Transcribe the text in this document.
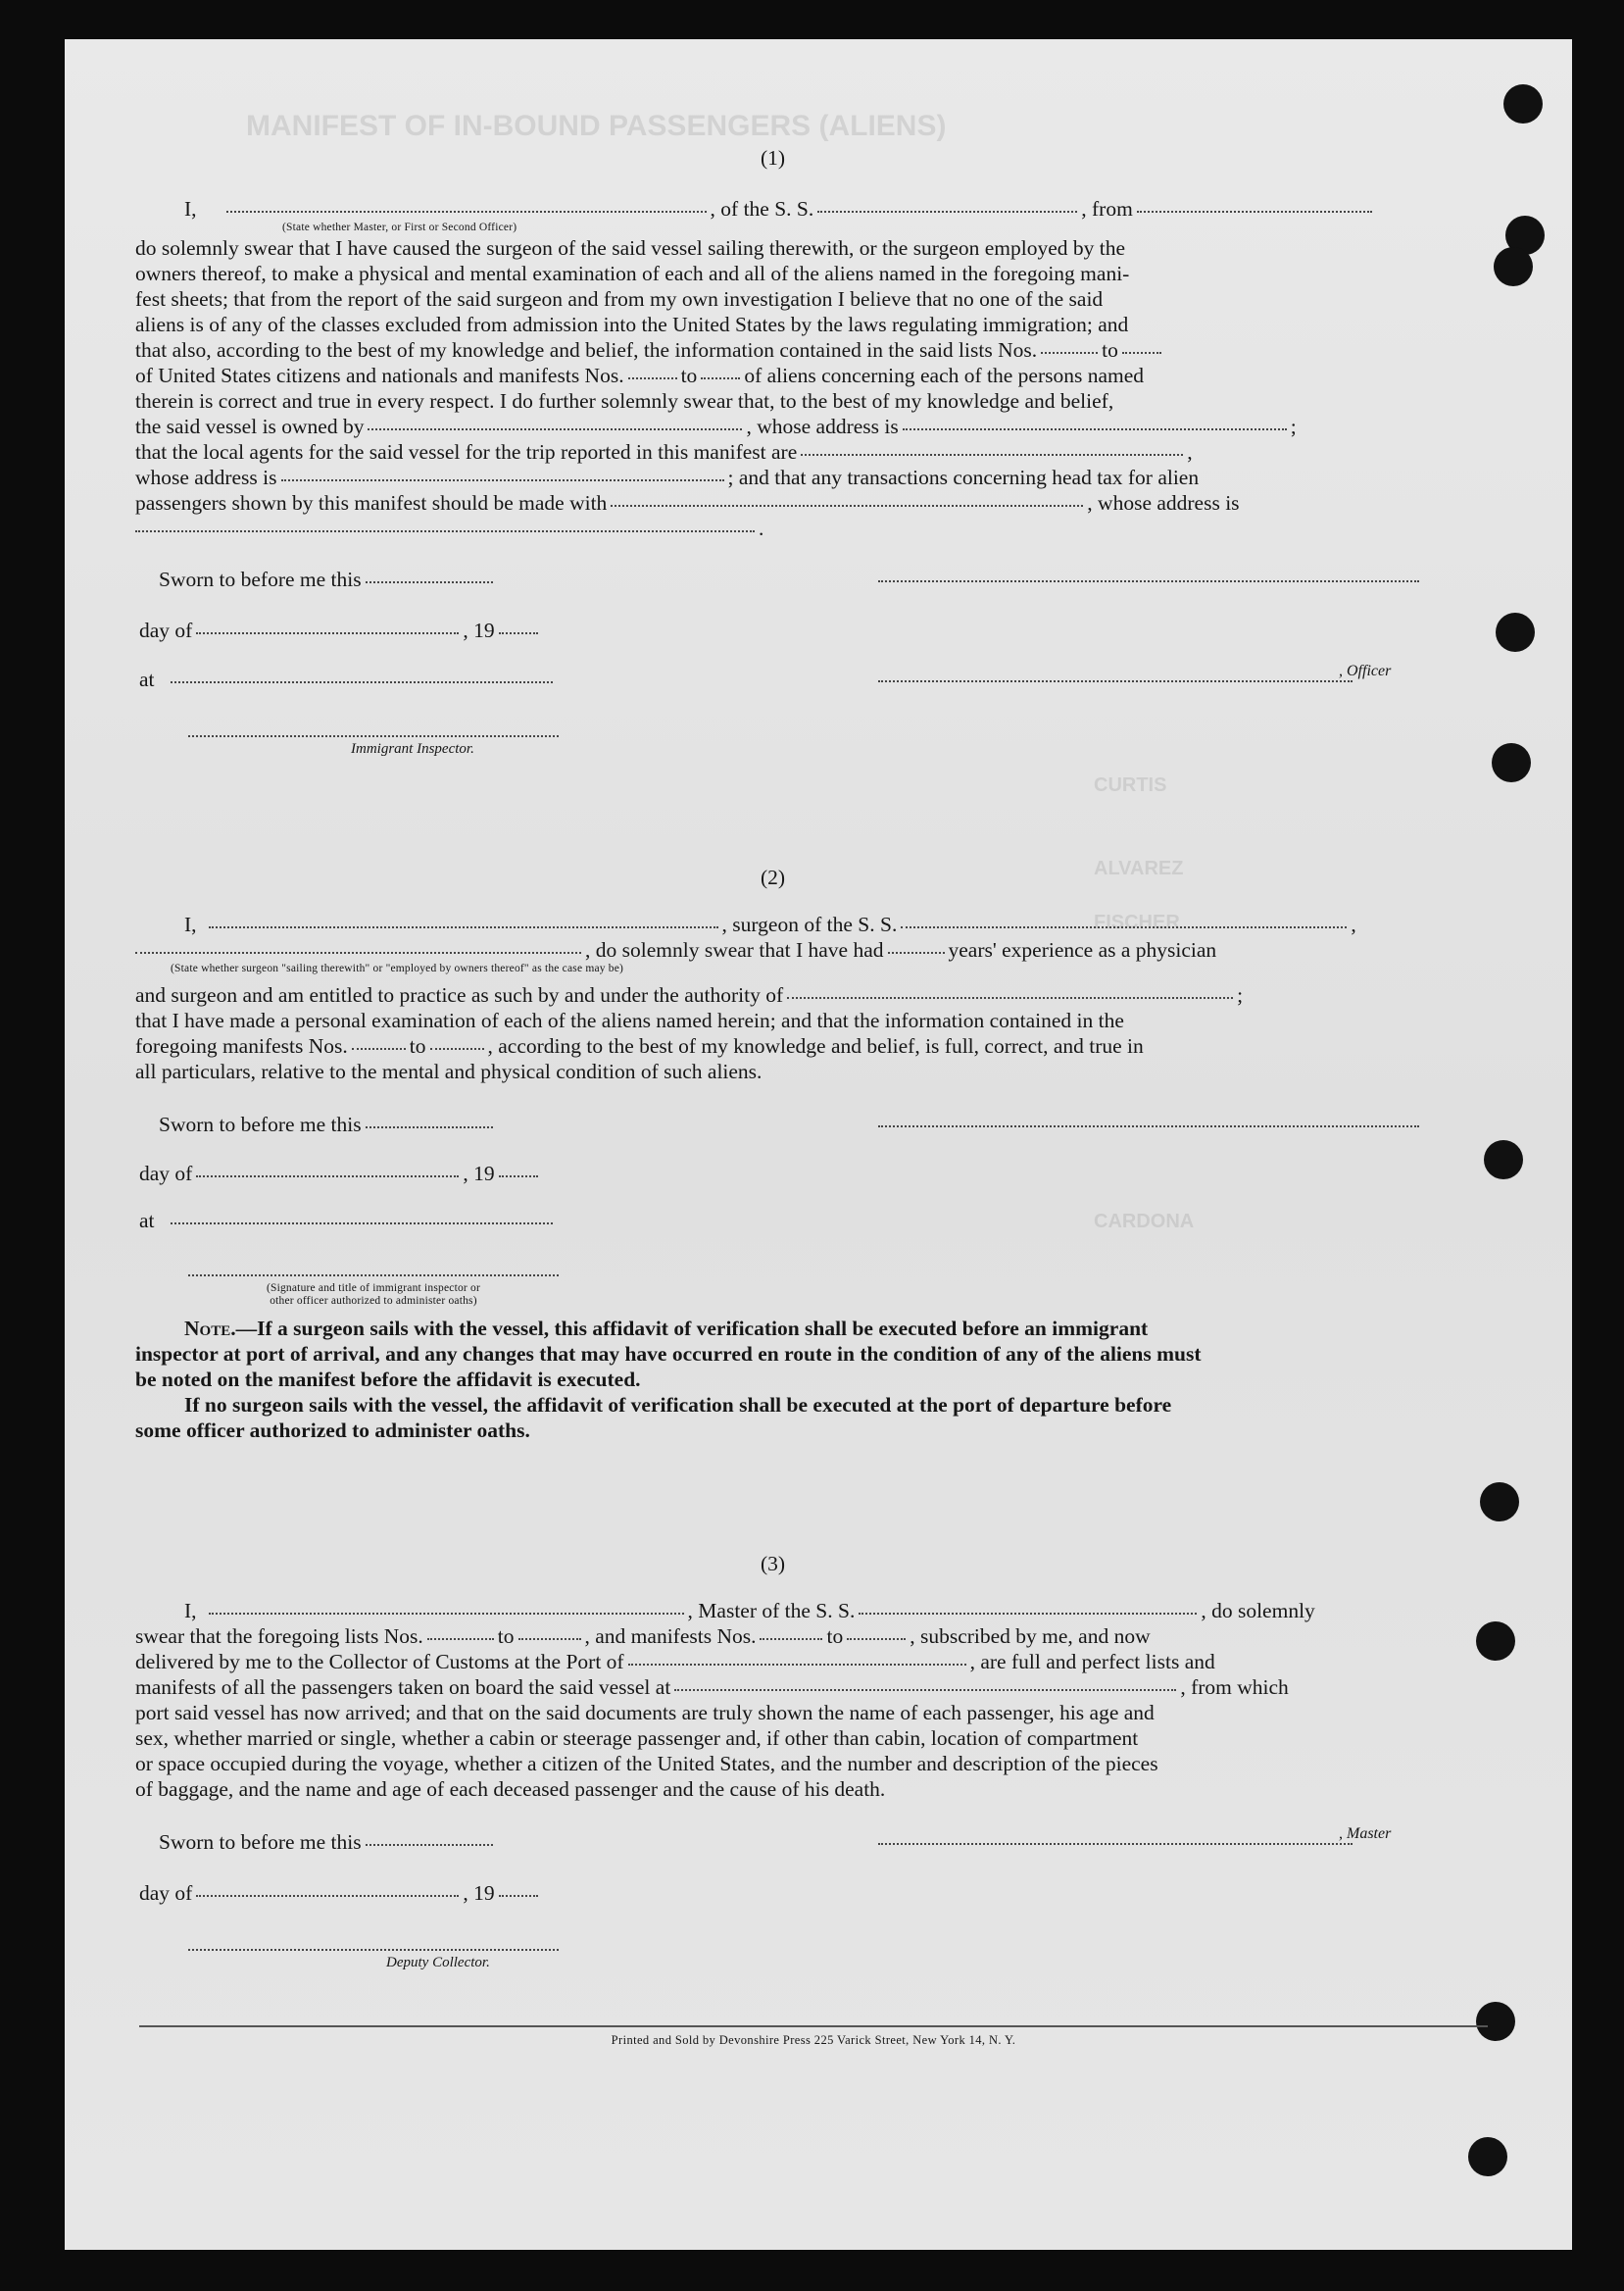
MANIFEST OF IN-BOUND PASSENGERS (ALIENS)
CURTIS
ALVAREZ
FISCHER
CARDONA
(1)
I,	, of the S. S.	, from
(State whether Master, or First or Second Officer)
do solemnly swear that I have caused the surgeon of the said vessel sailing therewith, or the surgeon employed by the
owners thereof, to make a physical and mental examination of each and all of the aliens named in the foregoing mani-
fest sheets; that from the report of the said surgeon and from my own investigation I believe that no one of the said
aliens is of any of the classes excluded from admission into the United States by the laws regulating immigration; and
that also, according to the best of my knowledge and belief, the information contained in the said lists Nos.	to
of United States citizens and nationals and manifests Nos.	to of aliens concerning each of the persons named
therein is correct and true in every respect. I do further solemnly swear that, to the best of my knowledge and belief,
the said vessel is owned by	, whose address is	;
that the local agents for the said vessel for the trip reported in this manifest are	,
whose address is	; and that any transactions concerning head tax for alien
passengers shown by this manifest should be made with	, whose address is
.
Sworn to before me this
day of	, 19
at	, Officer
Immigrant Inspector.
(2)
I,	, surgeon of the S. S.	,
, do solemnly swear that I have had	years' experience as a physician
(State whether surgeon "sailing therewith" or "employed by owners thereof" as the case may be)
and surgeon and am entitled to practice as such by and under the authority of	;
that I have made a personal examination of each of the aliens named herein; and that the information contained in the
foregoing manifests Nos.	to	, according to the best of my knowledge and belief, is full, correct, and true in
all particulars, relative to the mental and physical condition of such aliens.
Sworn to before me this
day of	, 19
at
(Signature and title of immigrant inspector or
other officer authorized to administer oaths)
Note.—If a surgeon sails with the vessel, this affidavit of verification shall be executed before an immigrant
inspector at port of arrival, and any changes that may have occurred en route in the condition of any of the aliens must
be noted on the manifest before the affidavit is executed.
If no surgeon sails with the vessel, the affidavit of verification shall be executed at the port of departure before
some officer authorized to administer oaths.
(3)
I,	, Master of the S. S.	, do solemnly
swear that the foregoing lists Nos.	to	, and manifests Nos.	to	, subscribed by me, and now
delivered by me to the Collector of Customs at the Port of	, are full and perfect lists and
manifests of all the passengers taken on board the said vessel at	, from which
port said vessel has now arrived; and that on the said documents are truly shown the name of each passenger, his age and
sex, whether married or single, whether a cabin or steerage passenger and, if other than cabin, location of compartment
or space occupied during the voyage, whether a citizen of the United States, and the number and description of the pieces
of baggage, and the name and age of each deceased passenger and the cause of his death.
Sworn to before me this	, Master
day of	, 19
Deputy Collector.
Printed and Sold by Devonshire Press 225 Varick Street, New York 14, N. Y.
